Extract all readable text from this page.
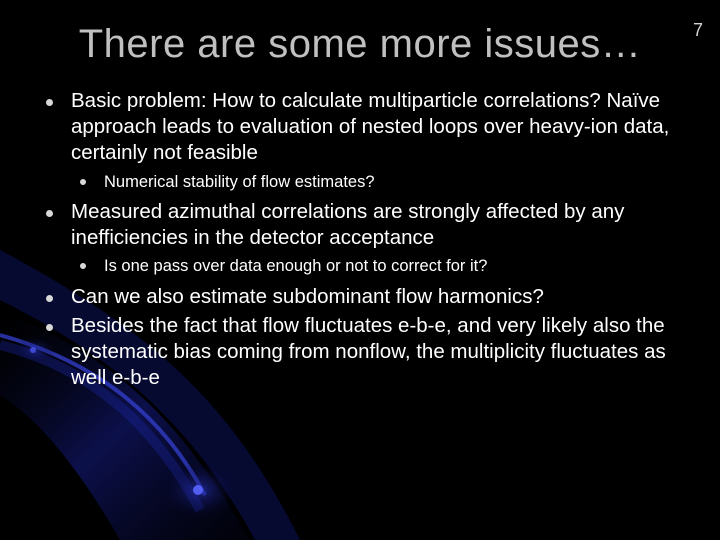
There are some more issues…	7
Basic problem: How to calculate multiparticle correlations? Naïve approach leads to evaluation of nested loops over heavy-ion data, certainly not feasible
Numerical stability of flow estimates?
Measured azimuthal correlations are strongly affected by any inefficiencies in the detector acceptance
Is one pass over data enough or not to correct for it?
Can we also estimate subdominant flow harmonics?
Besides the fact that flow fluctuates e-b-e, and very likely also the systematic bias coming from nonflow, the multiplicity fluctuates as well e-b-e
